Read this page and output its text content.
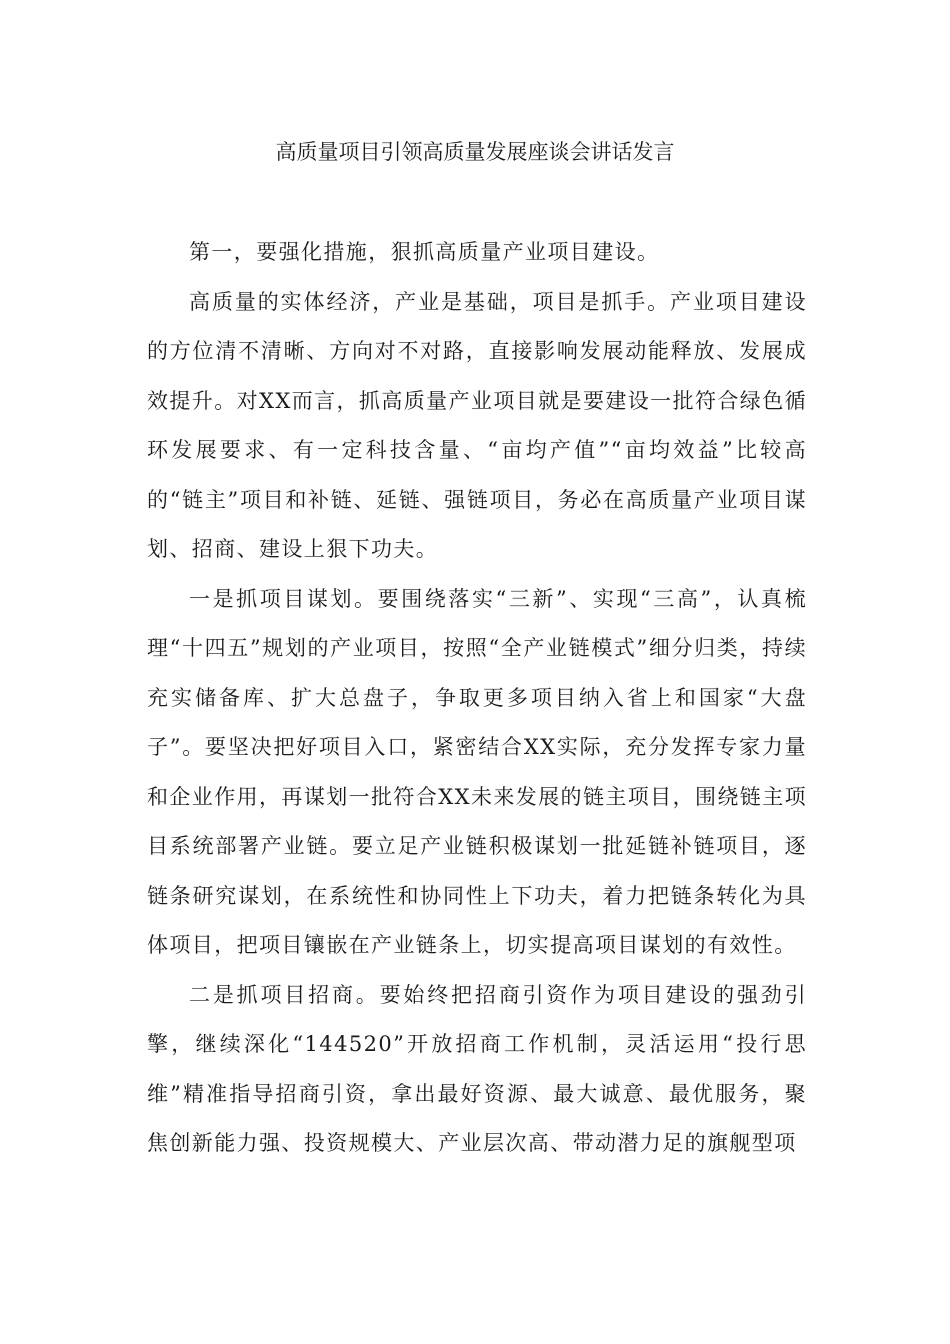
高质量项目引领高质量发展座谈会讲话发言

第一，要强化措施，狠抓高质量产业项目建设。

高质量的实体经济，产业是基础，项目是抓手。产业项目建设的方位清不清晰、方向对不对路，直接影响发展动能释放、发展成效提升。对XX而言，抓高质量产业项目就是要建设一批符合绿色循环发展要求、有一定科技含量、“亩均产值”“亩均效益”比较高的“链主”项目和补链、延链、强链项目，务必在高质量产业项目谋划、招商、建设上狠下功夫。

一是抓项目谋划。要围绕落实“三新”、实现“三高”，认真梳理“十四五”规划的产业项目，按照“全产业链模式”细分归类，持续充实储备库、扩大总盘子，争取更多项目纳入省上和国家“大盘子”。要坚决把好项目入口，紧密结合XX实际，充分发挥专家力量和企业作用，再谋划一批符合XX未来发展的链主项目，围绕链主项目系统部署产业链。要立足产业链积极谋划一批延链补链项目，逐链条研究谋划，在系统性和协同性上下功夫，着力把链条转化为具体项目，把项目镶嵌在产业链条上，切实提高项目谋划的有效性。

二是抓项目招商。要始终把招商引资作为项目建设的强劲引擎，继续深化“144520”开放招商工作机制，灵活运用“投行思维”精准指导招商引资，拿出最好资源、最大诚意、最优服务，聚焦创新能力强、投资规模大、产业层次高、带动潜力足的旗舰型项
